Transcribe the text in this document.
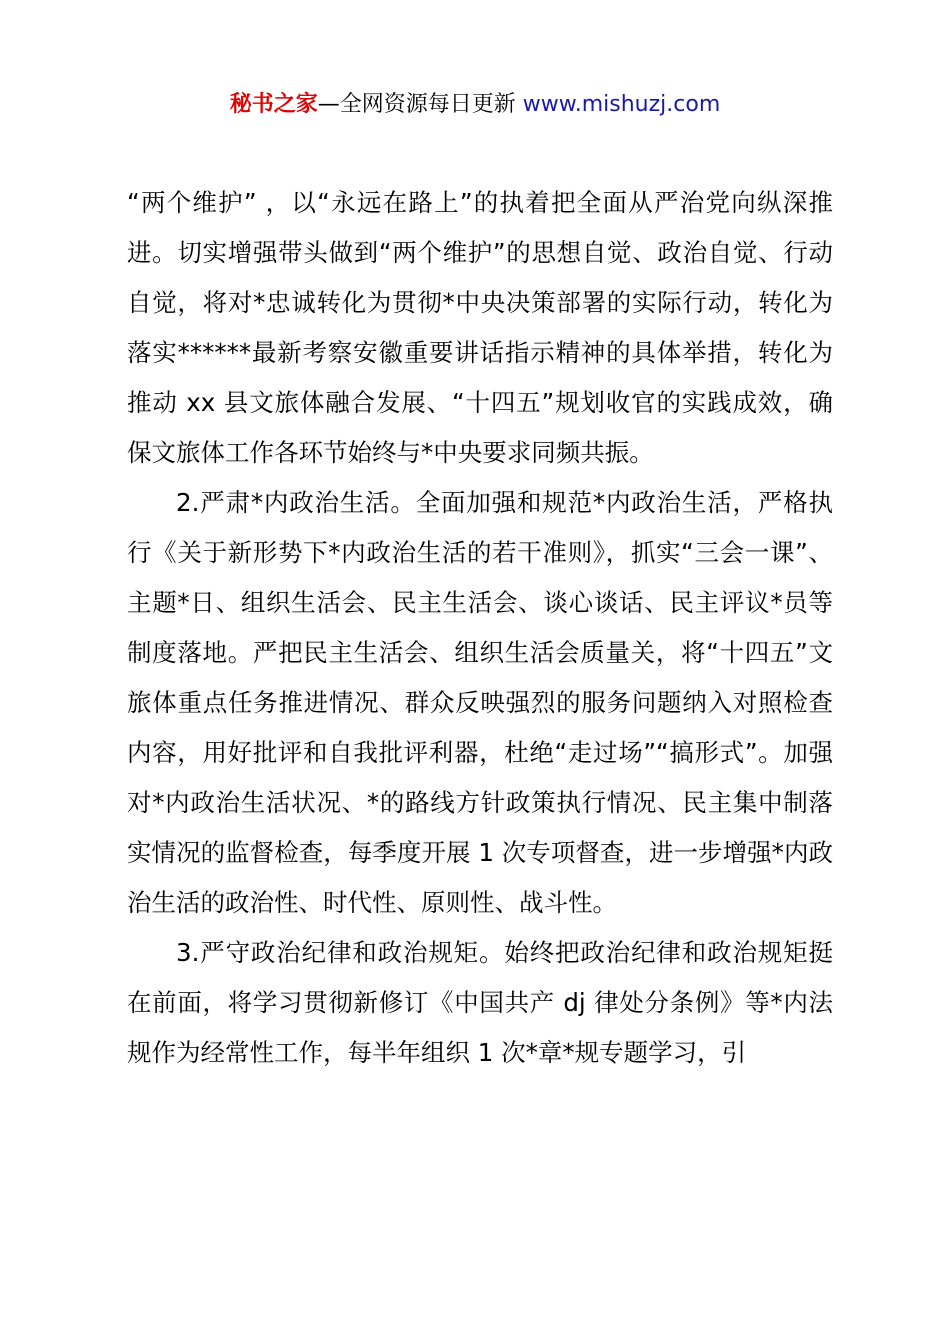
秘书之家—全网资源每日更新 www.mishuzj.com

“两个维护” ，以“永远在路上”的执着把全面从严治党向纵深推进。切实增强带头做到“两个维护”的思想自觉、政治自觉、行动自觉，将对*忠诚转化为贯彻*中央决策部署的实际行动，转化为落实******最新考察安徽重要讲话指示精神的具体举措，转化为推动 xx 县文旅体融合发展、“十四五”规划收官的实践成效，确保文旅体工作各环节始终与*中央要求同频共振。

2.严肃*内政治生活。全面加强和规范*内政治生活，严格执行《关于新形势下*内政治生活的若干准则》，抓实“三会一课”、主题*日、组织生活会、民主生活会、谈心谈话、民主评议*员等制度落地。严把民主生活会、组织生活会质量关，将“十四五”文旅体重点任务推进情况、群众反映强烈的服务问题纳入对照检查内容，用好批评和自我批评利器，杜绝“走过场”“搞形式”。加强对*内政治生活状况、*的路线方针政策执行情况、民主集中制落实情况的监督检查，每季度开展 1 次专项督查，进一步增强*内政治生活的政治性、时代性、原则性、战斗性。

3.严守政治纪律和政治规矩。始终把政治纪律和政治规矩挺在前面，将学习贯彻新修订《中国共产 dj 律处分条例》等*内法规作为经常性工作，每半年组织 1 次*章*规专题学习，引
